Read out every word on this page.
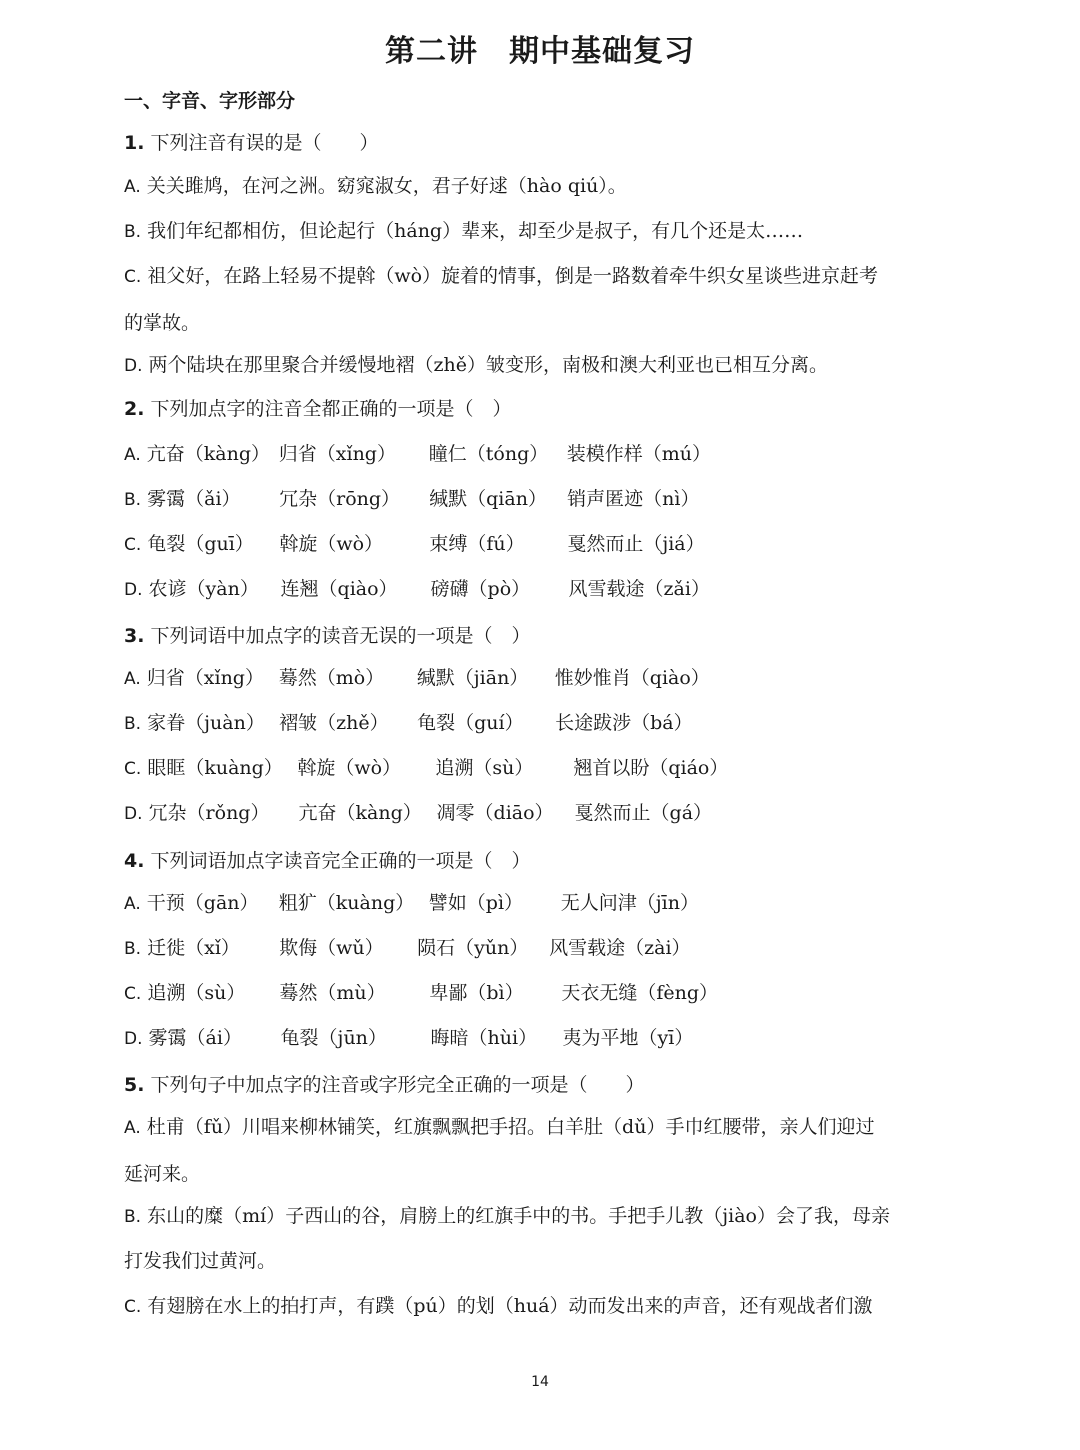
第二讲　期中基础复习
一、字音、字形部分
1. 下列注音有误的是（　　）
A. 关关雎鸠，在河之洲。窈窕淑女，君子好逑（hào qiú）。
B. 我们年纪都相仿，但论起行（háng）辈来，却至少是叔子，有几个还是太……
C. 祖父好，在路上轻易不提斡（wò）旋着的情事，倒是一路数着牵牛织女星谈些进京赶考
的掌故。
D. 两个陆块在那里聚合并缓慢地褶（zhě）皱变形，南极和澳大利亚也已相互分离。
2. 下列加点字的注音全都正确的一项是（　）
A. 亢奋（kàng） 归省（xǐng） 瞳仁（tóng） 装模作样（mú）
B. 雾霭（ǎi） 冗杂（rōng） 缄默（qiān） 销声匿迹（nì）
C. 龟裂（guī） 斡旋（wò） 束缚（fú） 戛然而止（jiá）
D. 农谚（yàn） 连翘（qiào） 磅礴（pò） 风雪载途（zǎi）
3. 下列词语中加点字的读音无误的一项是（　）
A. 归省（xǐng） 蓦然（mò） 缄默（jiān） 惟妙惟肖（qiào）
B. 家眷（juàn） 褶皱（zhě） 龟裂（guí） 长途跋涉（bá）
C. 眼眶（kuàng） 斡旋（wò） 追溯（sù） 翘首以盼（qiáo）
D. 冗杂（rǒng） 亢奋（kàng） 凋零（diāo） 戛然而止（gá）
4. 下列词语加点字读音完全正确的一项是（　）
A. 干预（gān） 粗犷（kuàng） 譬如（pì） 无人问津（jīn）
B. 迁徙（xǐ） 欺侮（wǔ） 陨石（yǔn） 风雪载途（zài）
C. 追溯（sù） 蓦然（mù） 卑鄙（bì） 天衣无缝（fèng）
D. 雾霭（ái） 龟裂（jūn） 晦暗（hùi） 夷为平地（yī）
5. 下列句子中加点字的注音或字形完全正确的一项是（　　）
A. 杜甫（fǔ）川唱来柳林铺笑，红旗飘飘把手招。白羊肚（dǔ）手巾红腰带，亲人们迎过
延河来。
B. 东山的糜（mí）子西山的谷，肩膀上的红旗手中的书。手把手儿教（jiào）会了我，母亲
打发我们过黄河。
C. 有翅膀在水上的拍打声，有蹼（pú）的划（huá）动而发出来的声音，还有观战者们激
14
